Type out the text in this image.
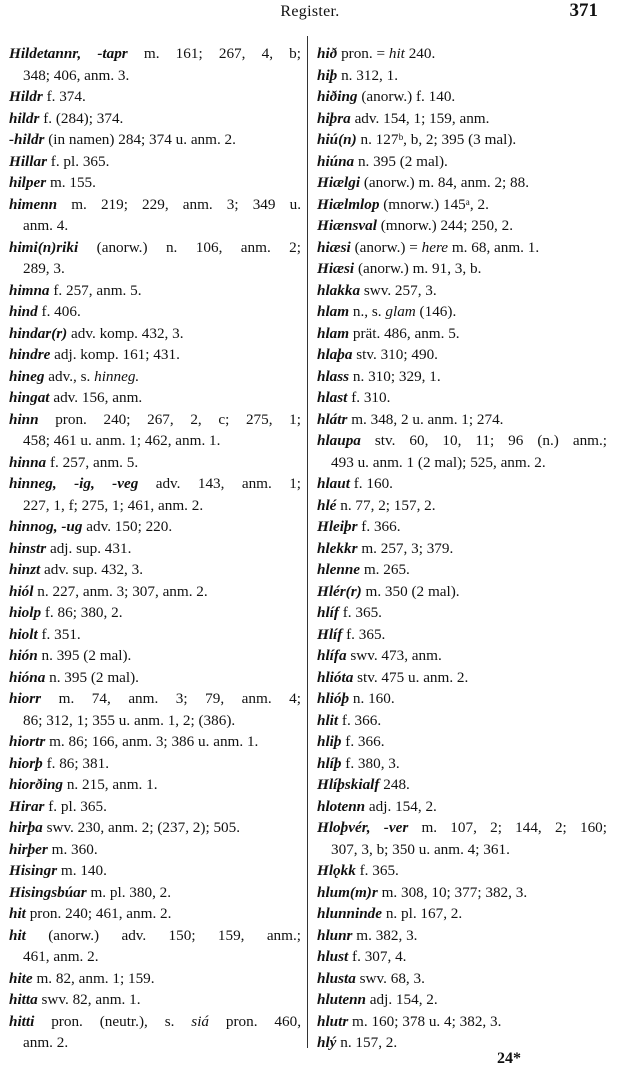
Register.	371
Hildetannr, -tapr m. 161; 267, 4, b;
348; 406, anm. 3.
Hildr f. 374.
hildr f. (284); 374.
-hildr (in namen) 284; 374 u. anm. 2.
Hillar f. pl. 365.
hilper m. 155.
himenn m. 219; 229, anm. 3; 349 u.
anm. 4.
himi(n)riki (anorw.) n. 106, anm. 2;
289, 3.
himna f. 257, anm. 5.
hind f. 406.
hindar(r) adv. komp. 432, 3.
hindre adj. komp. 161; 431.
hineg adv., s. hinneg.
hingat adv. 156, anm.
hinn pron. 240; 267, 2, c; 275, 1;
458; 461 u. anm. 1; 462, anm. 1.
hinna f. 257, anm. 5.
hinneg, -ig, -veg adv. 143, anm. 1;
227, 1, f; 275, 1; 461, anm. 2.
hinnog, -ug adv. 150; 220.
hinstr adj. sup. 431.
hinzt adv. sup. 432, 3.
hiól n. 227, anm. 3; 307, anm. 2.
hiolp f. 86; 380, 2.
hiolt f. 351.
hión n. 395 (2 mal).
hióna n. 395 (2 mal).
hiorr m. 74, anm. 3; 79, anm. 4;
86; 312, 1; 355 u. anm. 1, 2; (386).
hiortr m. 86; 166, anm. 3; 386 u. anm. 1.
hiorþ f. 86; 381.
hiorðing n. 215, anm. 1.
Hirar f. pl. 365.
hirþa swv. 230, anm. 2; (237, 2); 505.
hirþer m. 360.
Hisingr m. 140.
Hisingsbúar m. pl. 380, 2.
hit pron. 240; 461, anm. 2.
hit (anorw.) adv. 150; 159, anm.;
461, anm. 2.
hite m. 82, anm. 1; 159.
hitta swv. 82, anm. 1.
hitti pron. (neutr.), s. siá pron. 460,
anm. 2.
hið pron. = hit 240.
hiþ n. 312, 1.
hiðing (anorw.) f. 140.
hiþra adv. 154, 1; 159, anm.
hiú(n) n. 127ᵇ, b, 2; 395 (3 mal).
hiúna n. 395 (2 mal).
Hiælgi (anorw.) m. 84, anm. 2; 88.
Hiælmlop (mnorw.) 145ᵃ, 2.
Hiænsval (mnorw.) 244; 250, 2.
hiæsi (anorw.) = here m. 68, anm. 1.
Hiæsi (anorw.) m. 91, 3, b.
hlakka swv. 257, 3.
hlam n., s. glam (146).
hlam prät. 486, anm. 5.
hlaþa stv. 310; 490.
hlass n. 310; 329, 1.
hlast f. 310.
hlátr m. 348, 2 u. anm. 1; 274.
hlaupa stv. 60, 10, 11; 96 (n.) anm.;
493 u. anm. 1 (2 mal); 525, anm. 2.
hlaut f. 160.
hlé n. 77, 2; 157, 2.
Hleiþr f. 366.
hlekkr m. 257, 3; 379.
hlenne m. 265.
Hlér(r) m. 350 (2 mal).
hlíf f. 365.
Hlíf f. 365.
hlífa swv. 473, anm.
hlióta stv. 475 u. anm. 2.
hlióþ n. 160.
hlit f. 366.
hliþ f. 366.
hlíþ f. 380, 3.
Hlíþskialf 248.
hlotenn adj. 154, 2.
Hloþvér, -ver m. 107, 2; 144, 2; 160;
307, 3, b; 350 u. anm. 4; 361.
Hlǫkk f. 365.
hlum(m)r m. 308, 10; 377; 382, 3.
hlunninde n. pl. 167, 2.
hlunr m. 382, 3.
hlust f. 307, 4.
hlusta swv. 68, 3.
hlutenn adj. 154, 2.
hlutr m. 160; 378 u. 4; 382, 3.
hlý n. 157, 2.
24*
